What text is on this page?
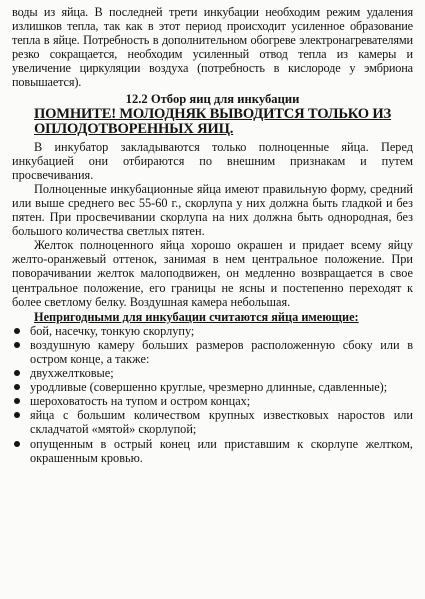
воды из яйца. В последней трети инкубации необходим режим удаления излишков тепла, так как в этот период происходит усиленное образование тепла в яйце. Потребность в дополнительном обогреве электронагревателями резко сокращается, необходим усиленный отвод тепла из камеры и увеличение циркуляции воздуха (потребность в кислороде у эмбриона повышается).

12.2 Отбор яиц для инкубации

ПОМНИТЕ! МОЛОДНЯК ВЫВОДИТСЯ ТОЛЬКО ИЗ ОПЛОДОТВОРЕННЫХ ЯИЦ.

В инкубатор закладываются только полноценные яйца. Перед инкубацией они отбираются по внешним признакам и путем просвечивания.

Полноценные инкубационные яйца имеют правильную форму, средний или выше среднего вес 55-60 г., скорлупа у них должна быть гладкой и без пятен. При просвечивании скорлупа на них должна быть однородная, без большого количества светлых пятен.

Желток полноценного яйца хорошо окрашен и придает всему яйцу желто-оранжевый оттенок, занимая в нем центральное положение. При поворачивании желток малоподвижен, он медленно возвращается в свое центральное положение, его границы не ясны и постепенно переходят к более светлому белку. Воздушная камера небольшая.

Непригодными для инкубации считаются яйца имеющие:

бой, насечку, тонкую скорлупу;
воздушную камеру больших размеров расположенную сбоку или в остром конце, а также:
двухжелтковые;
уродливые (совершенно круглые, чрезмерно длинные, сдавленные);
шероховатость на тупом и остром концах;
яйца с большим количеством крупных известковых наростов или складчатой «мятой» скорлупой;
опущенным в острый конец или приставшим к скорлупе желтком, окрашенным кровью.
